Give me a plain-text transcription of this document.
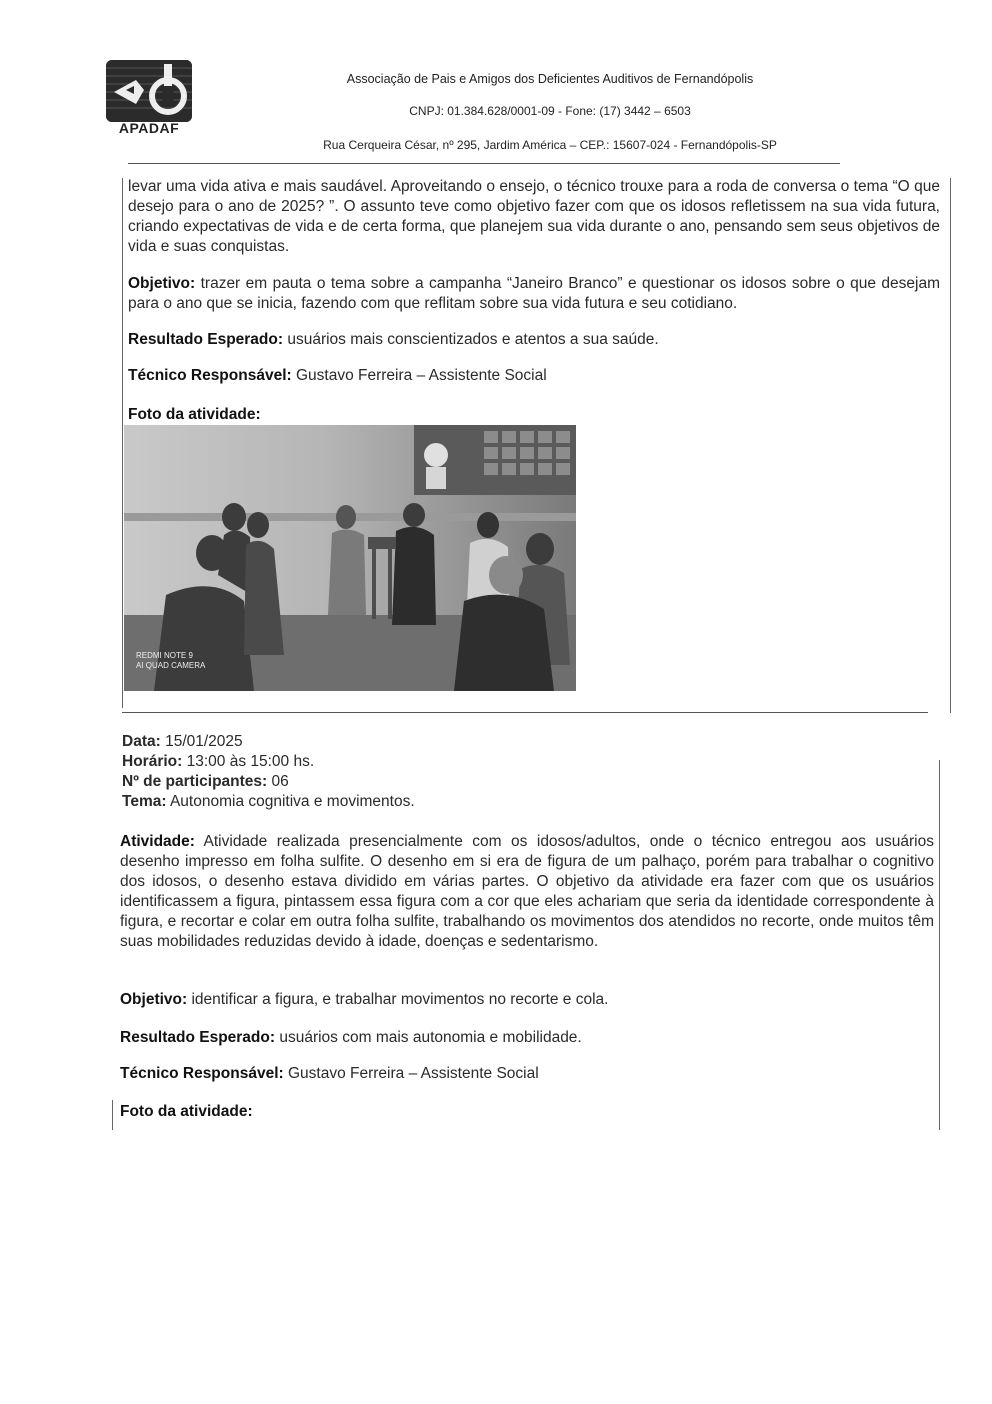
APADAF
Associação de Pais e Amigos dos Deficientes Auditivos de Fernandópolis
CNPJ: 01.384.628/0001-09 - Fone: (17) 3442 – 6503
Rua Cerqueira César, nº 295, Jardim América – CEP.: 15607-024 - Fernandópolis-SP
levar uma vida ativa e mais saudável. Aproveitando o ensejo, o técnico trouxe para a roda de conversa o tema “O que desejo para o ano de 2025? ”. O assunto teve como objetivo fazer com que os idosos refletissem na sua vida futura, criando expectativas de vida e de certa forma, que planejem sua vida durante o ano, pensando sem seus objetivos de vida e suas conquistas.
Objetivo: trazer em pauta o tema sobre a campanha “Janeiro Branco” e questionar os idosos sobre o que desejam para o ano que se inicia, fazendo com que reflitam sobre sua vida futura e seu cotidiano.
Resultado Esperado: usuários mais conscientizados e atentos a sua saúde.
Técnico Responsável: Gustavo Ferreira – Assistente Social
Foto da atividade:
REDMI NOTE 9
AI QUAD CAMERA
Data: 15/01/2025
Horário: 13:00 às 15:00 hs.
Nº de participantes: 06
Tema: Autonomia cognitiva e movimentos.
Atividade: Atividade realizada presencialmente com os idosos/adultos, onde o técnico entregou aos usuários desenho impresso em folha sulfite. O desenho em si era de figura de um palhaço, porém para trabalhar o cognitivo dos idosos, o desenho estava dividido em várias partes. O objetivo da atividade era fazer com que os usuários identificassem a figura, pintassem essa figura com a cor que eles achariam que seria da identidade correspondente à figura, e recortar e colar em outra folha sulfite, trabalhando os movimentos dos atendidos no recorte, onde muitos têm suas mobilidades reduzidas devido à idade, doenças e sedentarismo.
Objetivo: identificar a figura, e trabalhar movimentos no recorte e cola.
Resultado Esperado: usuários com mais autonomia e mobilidade.
Técnico Responsável: Gustavo Ferreira – Assistente Social
Foto da atividade:
